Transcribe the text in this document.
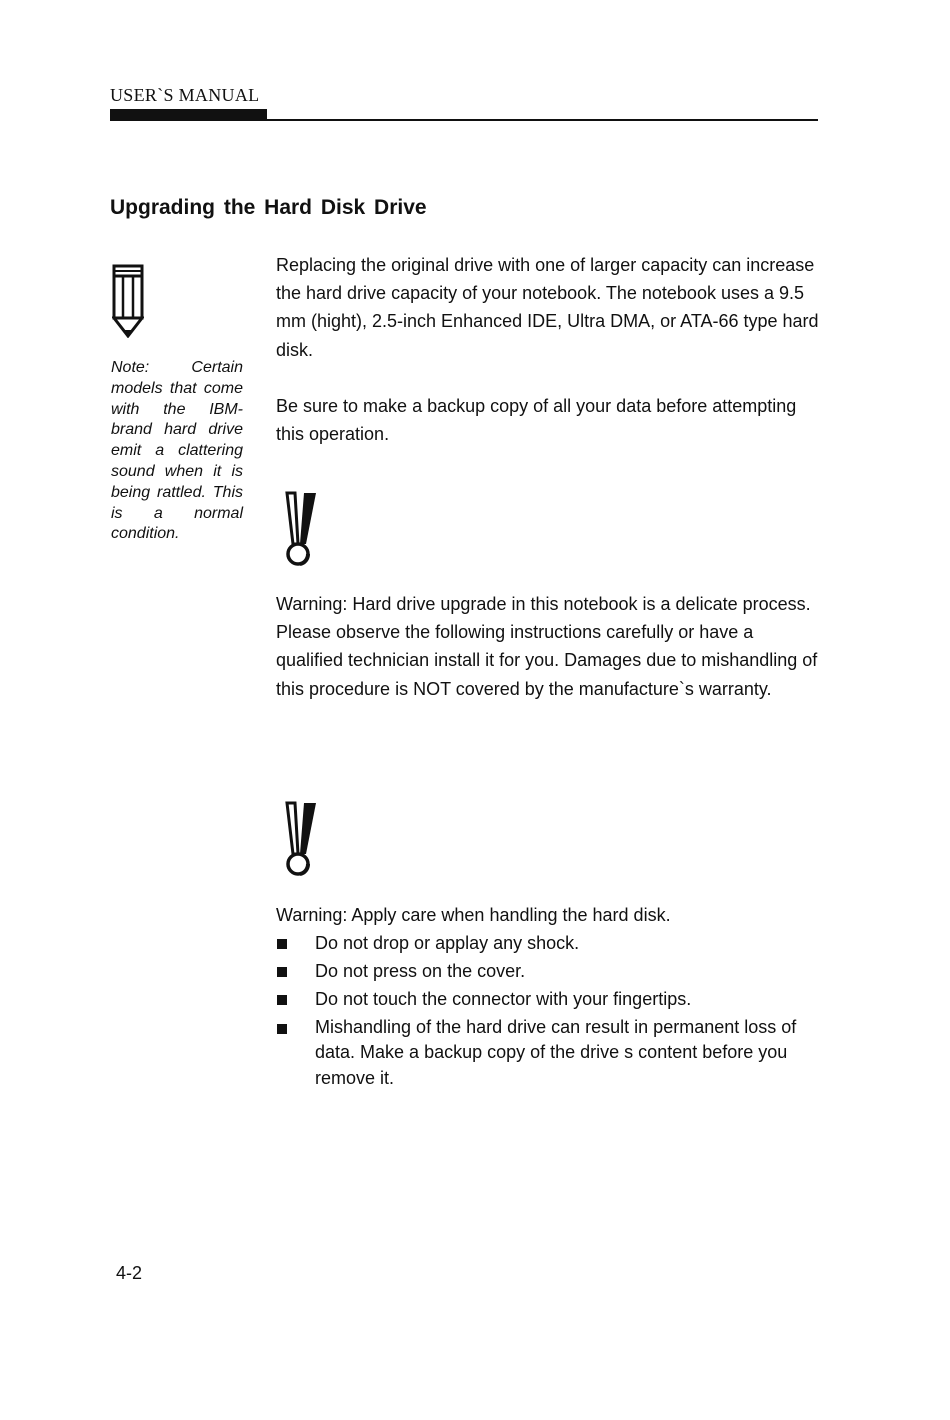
USER`S MANUAL
Upgrading the Hard Disk Drive

Note: Certain models that come with the IBM-brand hard drive emit a clattering sound when it is being rattled. This is a normal condition.

Replacing the original drive with one of larger capacity can increase the hard drive capacity of your notebook. The notebook uses a 9.5 mm (hight), 2.5-inch Enhanced IDE, Ultra DMA, or ATA-66 type hard disk.

Be sure to make a backup copy of all your data before attempting this operation.

Warning: Hard drive upgrade in this notebook is a delicate process. Please observe the following instructions carefully or have a qualified technician install it for you. Damages due to mishandling of this procedure is NOT covered by the manufacture`s warranty.

Warning: Apply care when handling the hard disk.

Do not drop or applay any shock.
Do not press on the cover.
Do not touch the connector with your fingertips.
Mishandling of the hard drive can result in permanent loss of data. Make a backup copy of the drive s content before you remove it.
4-2
